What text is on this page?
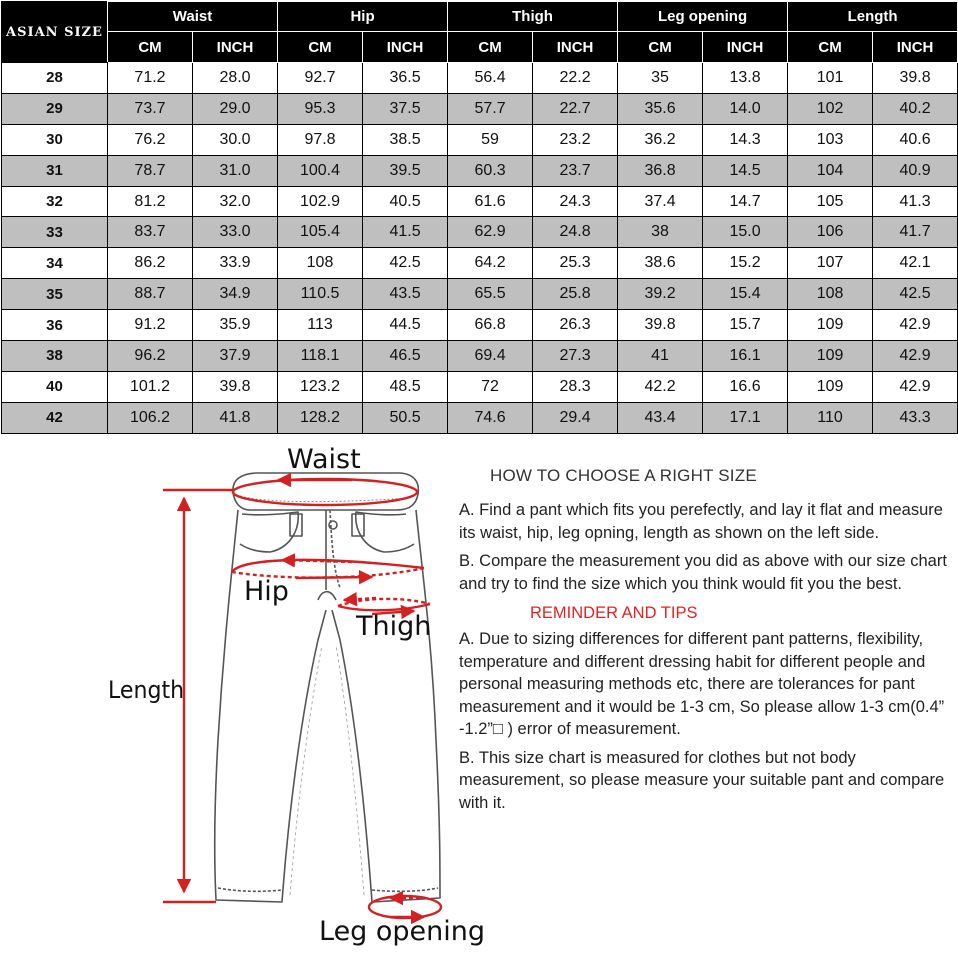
ASIAN SIZE	Waist		Hip		Thigh		Leg opening		Length	
	CM	INCH	CM	INCH	CM	INCH	CM	INCH	CM	INCH
28	71.2	28.0	92.7	36.5	56.4	22.2	35	13.8	101	39.8
29	73.7	29.0	95.3	37.5	57.7	22.7	35.6	14.0	102	40.2
30	76.2	30.0	97.8	38.5	59	23.2	36.2	14.3	103	40.6
31	78.7	31.0	100.4	39.5	60.3	23.7	36.8	14.5	104	40.9
32	81.2	32.0	102.9	40.5	61.6	24.3	37.4	14.7	105	41.3
33	83.7	33.0	105.4	41.5	62.9	24.8	38	15.0	106	41.7
34	86.2	33.9	108	42.5	64.2	25.3	38.6	15.2	107	42.1
35	88.7	34.9	110.5	43.5	65.5	25.8	39.2	15.4	108	42.5
36	91.2	35.9	113	44.5	66.8	26.3	39.8	15.7	109	42.9
38	96.2	37.9	118.1	46.5	69.4	27.3	41	16.1	109	42.9
40	101.2	39.8	123.2	48.5	72	28.3	42.2	16.6	109	42.9
42	106.2	41.8	128.2	50.5	74.6	29.4	43.4	17.1	110	43.3
Waist
Hip
Thigh
Length
Leg opening
HOW TO CHOOSE A RIGHT SIZE

A. Find a pant which fits you perefectly, and lay it flat and measure its waist, hip, leg opning, length as shown on the left side.

B. Compare the measurement you did as above with our size chart and try to find the size which you think would fit you the best.

REMINDER AND TIPS

A. Due to sizing differences for different pant patterns, flexibility, temperature and different dressing habit for different people and personal measuring methods etc, there are tolerances for pant measurement and it would be 1-3 cm, So please allow 1-3 cm(0.4” -1.2”□ ) error of measurement.

B. This size chart is measured for clothes but not body measurement, so please measure your suitable pant and compare with it.
